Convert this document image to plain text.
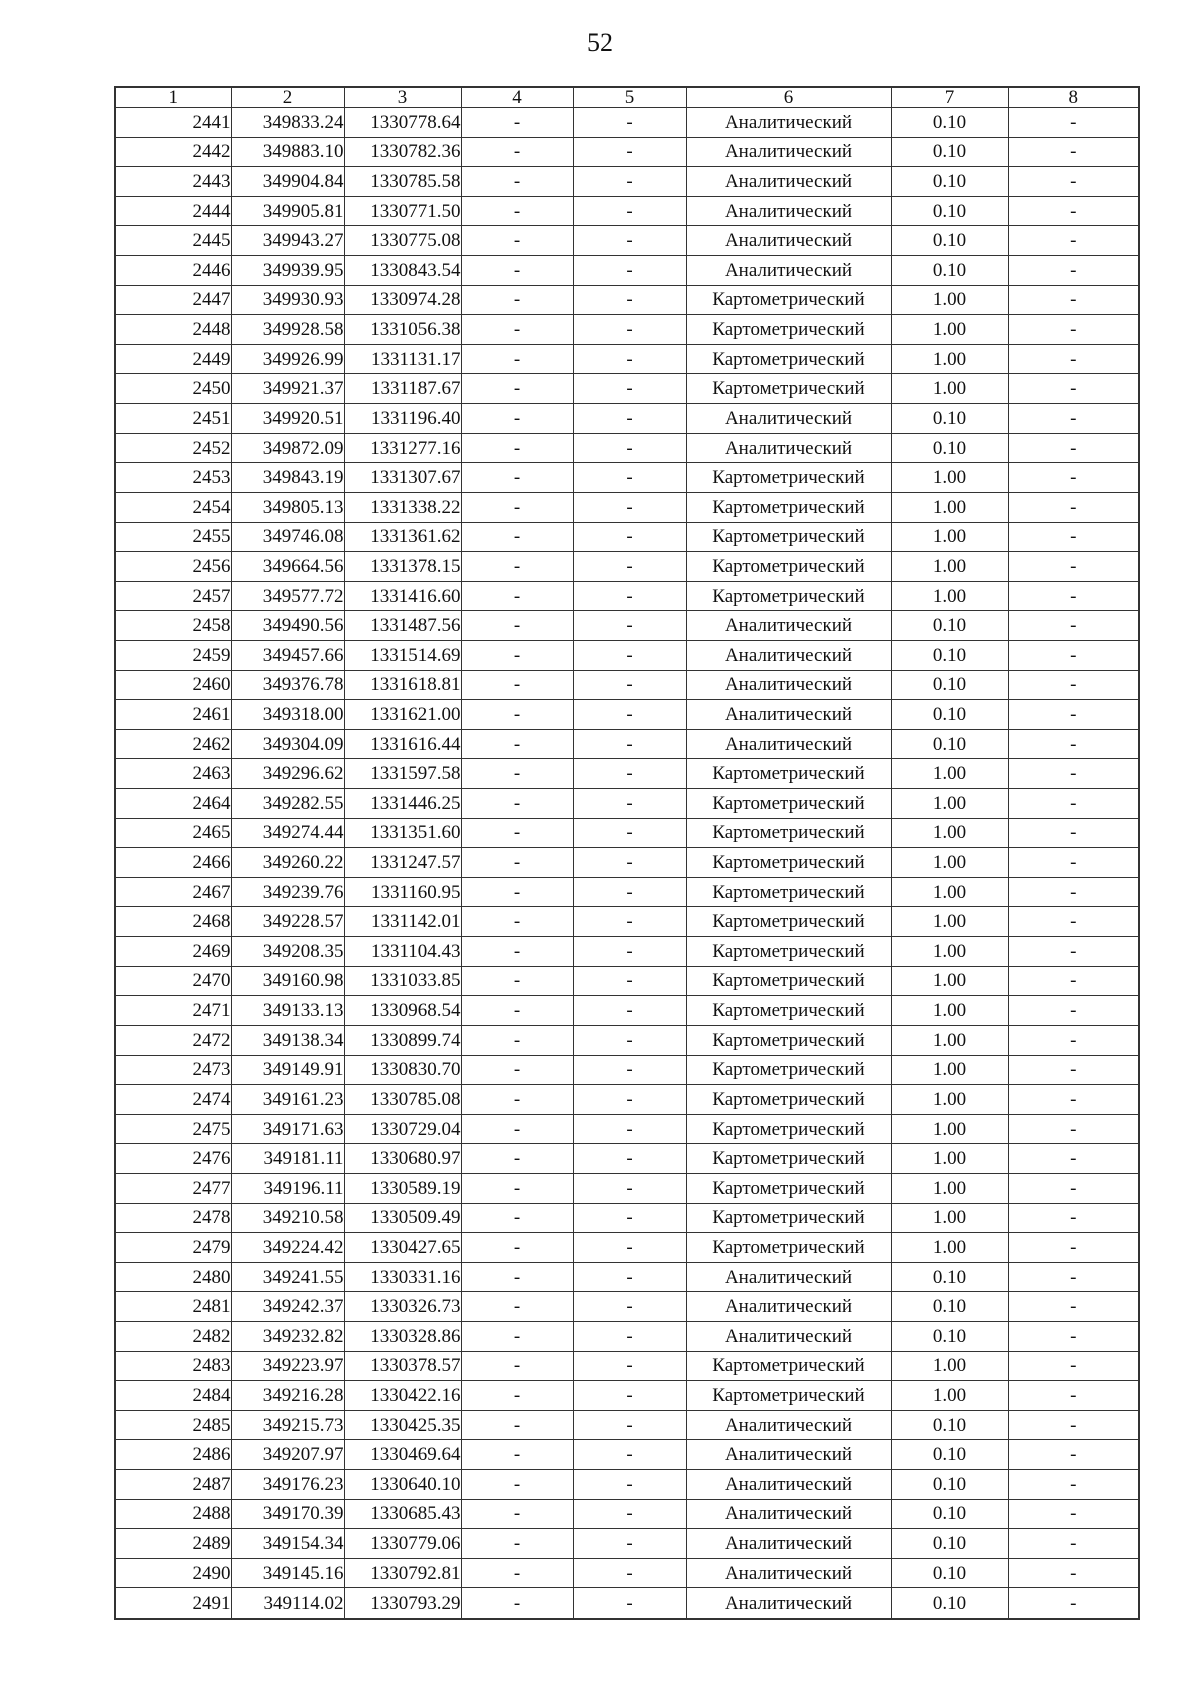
52
1	2	3	4	5	6	7	8
2441	349833.24	1330778.64	-	-	Аналитический	0.10	-
2442	349883.10	1330782.36	-	-	Аналитический	0.10	-
2443	349904.84	1330785.58	-	-	Аналитический	0.10	-
2444	349905.81	1330771.50	-	-	Аналитический	0.10	-
2445	349943.27	1330775.08	-	-	Аналитический	0.10	-
2446	349939.95	1330843.54	-	-	Аналитический	0.10	-
2447	349930.93	1330974.28	-	-	Картометрический	1.00	-
2448	349928.58	1331056.38	-	-	Картометрический	1.00	-
2449	349926.99	1331131.17	-	-	Картометрический	1.00	-
2450	349921.37	1331187.67	-	-	Картометрический	1.00	-
2451	349920.51	1331196.40	-	-	Аналитический	0.10	-
2452	349872.09	1331277.16	-	-	Аналитический	0.10	-
2453	349843.19	1331307.67	-	-	Картометрический	1.00	-
2454	349805.13	1331338.22	-	-	Картометрический	1.00	-
2455	349746.08	1331361.62	-	-	Картометрический	1.00	-
2456	349664.56	1331378.15	-	-	Картометрический	1.00	-
2457	349577.72	1331416.60	-	-	Картометрический	1.00	-
2458	349490.56	1331487.56	-	-	Аналитический	0.10	-
2459	349457.66	1331514.69	-	-	Аналитический	0.10	-
2460	349376.78	1331618.81	-	-	Аналитический	0.10	-
2461	349318.00	1331621.00	-	-	Аналитический	0.10	-
2462	349304.09	1331616.44	-	-	Аналитический	0.10	-
2463	349296.62	1331597.58	-	-	Картометрический	1.00	-
2464	349282.55	1331446.25	-	-	Картометрический	1.00	-
2465	349274.44	1331351.60	-	-	Картометрический	1.00	-
2466	349260.22	1331247.57	-	-	Картометрический	1.00	-
2467	349239.76	1331160.95	-	-	Картометрический	1.00	-
2468	349228.57	1331142.01	-	-	Картометрический	1.00	-
2469	349208.35	1331104.43	-	-	Картометрический	1.00	-
2470	349160.98	1331033.85	-	-	Картометрический	1.00	-
2471	349133.13	1330968.54	-	-	Картометрический	1.00	-
2472	349138.34	1330899.74	-	-	Картометрический	1.00	-
2473	349149.91	1330830.70	-	-	Картометрический	1.00	-
2474	349161.23	1330785.08	-	-	Картометрический	1.00	-
2475	349171.63	1330729.04	-	-	Картометрический	1.00	-
2476	349181.11	1330680.97	-	-	Картометрический	1.00	-
2477	349196.11	1330589.19	-	-	Картометрический	1.00	-
2478	349210.58	1330509.49	-	-	Картометрический	1.00	-
2479	349224.42	1330427.65	-	-	Картометрический	1.00	-
2480	349241.55	1330331.16	-	-	Аналитический	0.10	-
2481	349242.37	1330326.73	-	-	Аналитический	0.10	-
2482	349232.82	1330328.86	-	-	Аналитический	0.10	-
2483	349223.97	1330378.57	-	-	Картометрический	1.00	-
2484	349216.28	1330422.16	-	-	Картометрический	1.00	-
2485	349215.73	1330425.35	-	-	Аналитический	0.10	-
2486	349207.97	1330469.64	-	-	Аналитический	0.10	-
2487	349176.23	1330640.10	-	-	Аналитический	0.10	-
2488	349170.39	1330685.43	-	-	Аналитический	0.10	-
2489	349154.34	1330779.06	-	-	Аналитический	0.10	-
2490	349145.16	1330792.81	-	-	Аналитический	0.10	-
2491	349114.02	1330793.29	-	-	Аналитический	0.10	-
